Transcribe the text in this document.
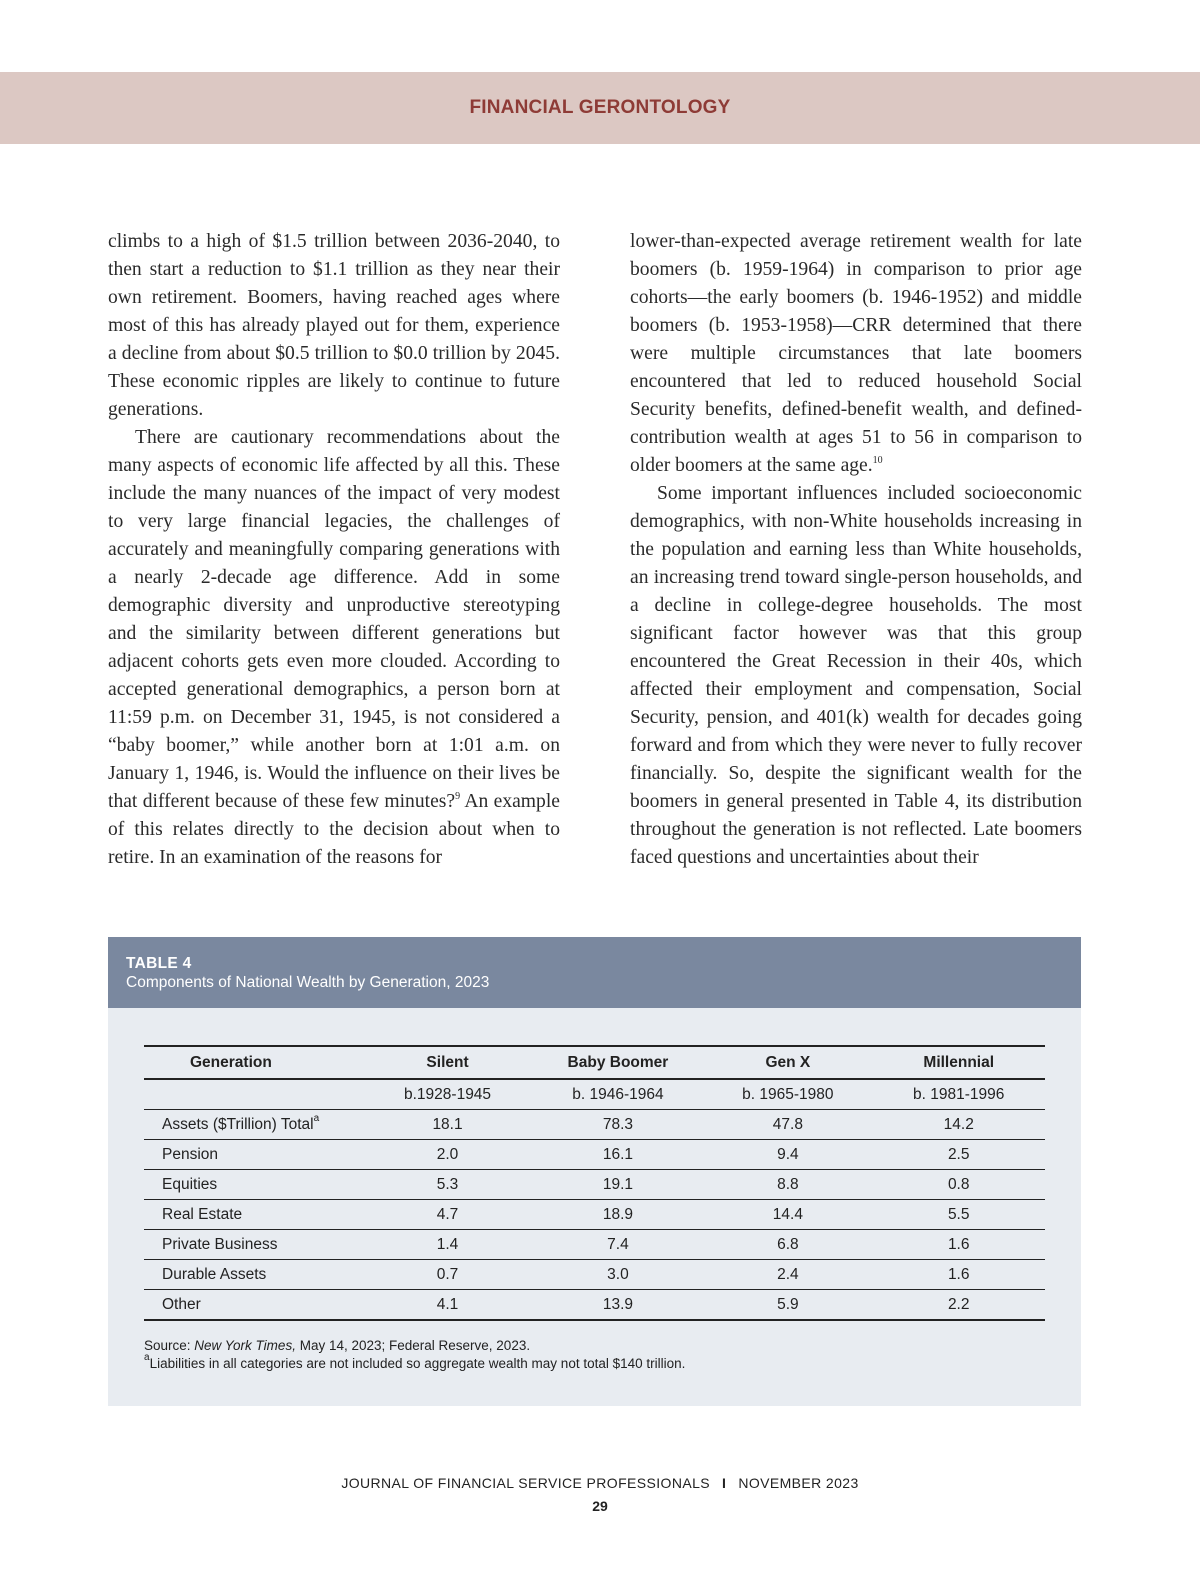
FINANCIAL GERONTOLOGY

climbs to a high of $1.5 trillion between 2036-2040, to then start a reduction to $1.1 trillion as they near their own retirement. Boomers, having reached ages where most of this has already played out for them, experience a decline from about $0.5 trillion to $0.0 trillion by 2045. These economic ripples are likely to continue to future generations.

There are cautionary recommendations about the many aspects of economic life affected by all this. These include the many nuances of the impact of very modest to very large financial legacies, the challenges of accurately and meaningfully comparing generations with a nearly 2-decade age difference. Add in some demographic diversity and unproductive stereotyping and the similarity between different generations but adjacent cohorts gets even more clouded. According to accepted generational demographics, a person born at 11:59 p.m. on December 31, 1945, is not considered a “baby boomer,” while another born at 1:01 a.m. on January 1, 1946, is. Would the influence on their lives be that different because of these few minutes?$^9$ An example of this relates directly to the decision about when to retire. In an examination of the reasons for

lower-than-expected average retirement wealth for late boomers (b. 1959-1964) in comparison to prior age cohorts—the early boomers (b. 1946-1952) and middle boomers (b. 1953-1958)—CRR determined that there were multiple circumstances that late boomers encountered that led to reduced household Social Security benefits, defined-benefit wealth, and defined-contribution wealth at ages 51 to 56 in comparison to older boomers at the same age.$^{10}$

Some important influences included socioeconomic demographics, with non-White households increasing in the population and earning less than White households, an increasing trend toward single-person households, and a decline in college-degree households. The most significant factor however was that this group encountered the Great Recession in their 40s, which affected their employment and compensation, Social Security, pension, and 401(k) wealth for decades going forward and from which they were never to fully recover financially. So, despite the significant wealth for the boomers in general presented in Table 4, its distribution throughout the generation is not reflected. Late boomers faced questions and uncertainties about their

TABLE 4
Components of National Wealth by Generation, 2023
Generation	Silent	Baby Boomer	Gen X	Millennial
	b.1928-1945	b. 1946-1964	b. 1965-1980	b. 1981-1996
Assets ($Trillion) Total$^a$	18.1	78.3	47.8	14.2
Pension	2.0	16.1	9.4	2.5
Equities	5.3	19.1	8.8	0.8
Real Estate	4.7	18.9	14.4	5.5
Private Business	1.4	7.4	6.8	1.6
Durable Assets	0.7	3.0	2.4	1.6
Other	4.1	13.9	5.9	2.2
Source: New York Times, May 14, 2023; Federal Reserve, 2023.
$^a$Liabilities in all categories are not included so aggregate wealth may not total $140 trillion.
JOURNAL OF FINANCIAL SERVICE PROFESSIONALS I NOVEMBER 2023
29
